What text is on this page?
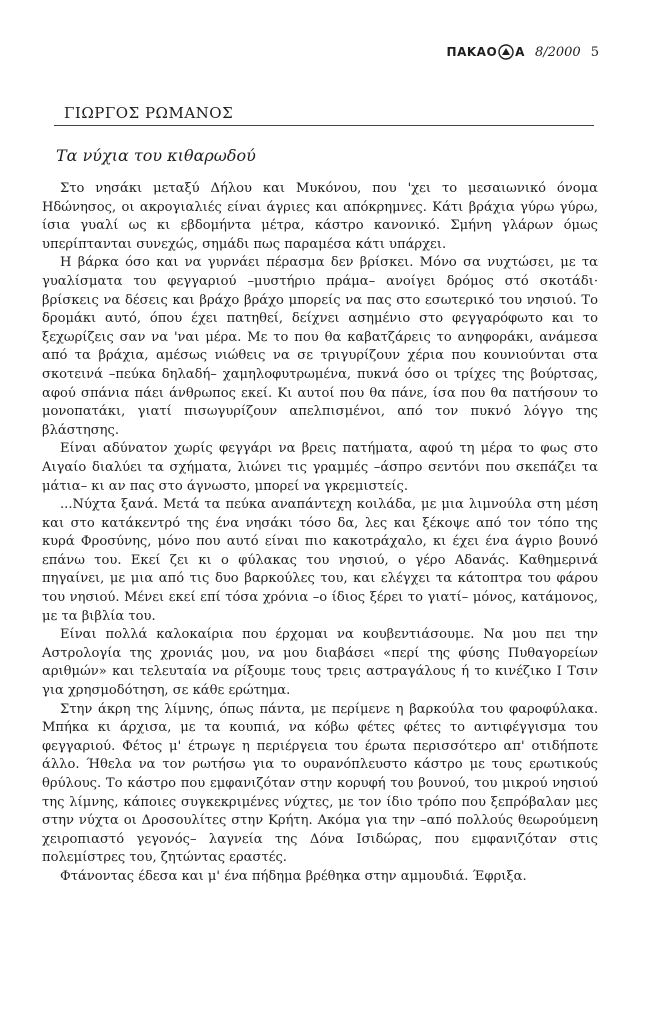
ΠΑΚΑΟ Α 8/2000 5
ΓΙΩΡΓΟΣ ΡΩΜΑΝΟΣ
Τα νύχια του κιθαρωδού

Στο νησάκι μεταξύ Δήλου και Μυκόνου, που 'χει το μεσαιωνικό όνομα Ηδώνησος, οι ακρογιαλιές είναι άγριες και απόκρημνες. Κάτι βράχια γύρω γύρω, ίσια γυαλί ως κι εβδομήντα μέτρα, κάστρο κανονικό. Σμήνη γλάρων όμως υπερίπτανται συνεχώς, σημάδι πως παραμέσα κάτι υπάρχει.

Η βάρκα όσο και να γυρνάει πέρασμα δεν βρίσκει. Μόνο σα νυχτώσει, με τα γυαλίσματα του φεγγαριού –μυστήριο πράμα– ανοίγει δρόμος στό σκοτάδι· βρίσκεις να δέσεις και βράχο βράχο μπορείς να πας στο εσωτερικό του νησιού. Το δρομάκι αυτό, όπου έχει πατηθεί, δείχνει ασημένιο στο φεγγαρόφωτο και το ξεχωρίζεις σαν να 'ναι μέρα. Με το που θα καβατζάρεις το ανηφοράκι, ανάμεσα από τα βράχια, αμέσως νιώθεις να σε τριγυρίζουν χέρια που κουνιούνται στα σκοτεινά –πεύκα δηλαδή– χαμηλοφυτρωμένα, πυκνά όσο οι τρίχες της βούρτσας, αφού σπάνια πάει άνθρωπος εκεί. Κι αυτοί που θα πάνε, ίσα που θα πατήσουν το μονοπατάκι, γιατί πισωγυρίζουν απελπισμένοι, από τον πυκνό λόγγο της βλάστησης.

Είναι αδύνατον χωρίς φεγγάρι να βρεις πατήματα, αφού τη μέρα το φως στο Αιγαίο διαλύει τα σχήματα, λιώνει τις γραμμές –άσπρο σεντόνι που σκεπάζει τα μάτια– κι αν πας στο άγνωστο, μπορεί να γκρεμιστείς.

...Νύχτα ξανά. Μετά τα πεύκα αναπάντεχη κοιλάδα, με μια λιμνούλα στη μέση και στο κατάκεντρό της ένα νησάκι τόσο δα, λες και ξέκοψε από τον τόπο της κυρά Φροσύνης, μόνο που αυτό είναι πιο κακοτράχαλο, κι έχει ένα άγριο βουνό επάνω του. Εκεί ζει κι ο φύλακας του νησιού, ο γέρο Αδανάς. Καθημερινά πηγαίνει, με μια από τις δυο βαρκούλες του, και ελέγχει τα κάτοπτρα του φάρου του νησιού. Μένει εκεί επί τόσα χρόνια –ο ίδιος ξέρει το γιατί– μόνος, κατάμονος, με τα βιβλία του.

Είναι πολλά καλοκαίρια που έρχομαι να κουβεντιάσουμε. Να μου πει την Αστρολογία της χρονιάς μου, να μου διαβάσει «περί της φύσης Πυθαγορείων αριθμών» και τελευταία να ρίξουμε τους τρεις αστραγάλους ή το κινέζικο Ι Τσιν για χρησμοδότηση, σε κάθε ερώτημα.

Στην άκρη της λίμνης, όπως πάντα, με περίμενε η βαρκούλα του φαροφύλακα. Μπήκα κι άρχισα, με τα κουπιά, να κόβω φέτες φέτες το αντιφέγγισμα του φεγγαριού. Φέτος μ' έτρωγε η περιέργεια του έρωτα περισσότερο απ' οτιδήποτε άλλο. Ήθελα να τον ρωτήσω για το ουρανόπλευστο κάστρο με τους ερωτικούς θρύλους. Το κάστρο που εμφανιζόταν στην κορυφή του βουνού, του μικρού νησιού της λίμνης, κάποιες συγκεκριμένες νύχτες, με τον ίδιο τρόπο που ξεπρόβαλαν μες στην νύχτα οι Δροσουλίτες στην Κρήτη. Ακόμα για την –από πολλούς θεωρούμενη χειροπιαστό γεγονός– λαγνεία της Δόνα Ισιδώρας, που εμφανιζόταν στις πολεμίστρες του, ζητώντας εραστές.

Φτάνοντας έδεσα και μ' ένα πήδημα βρέθηκα στην αμμουδιά. Έφριξα.
